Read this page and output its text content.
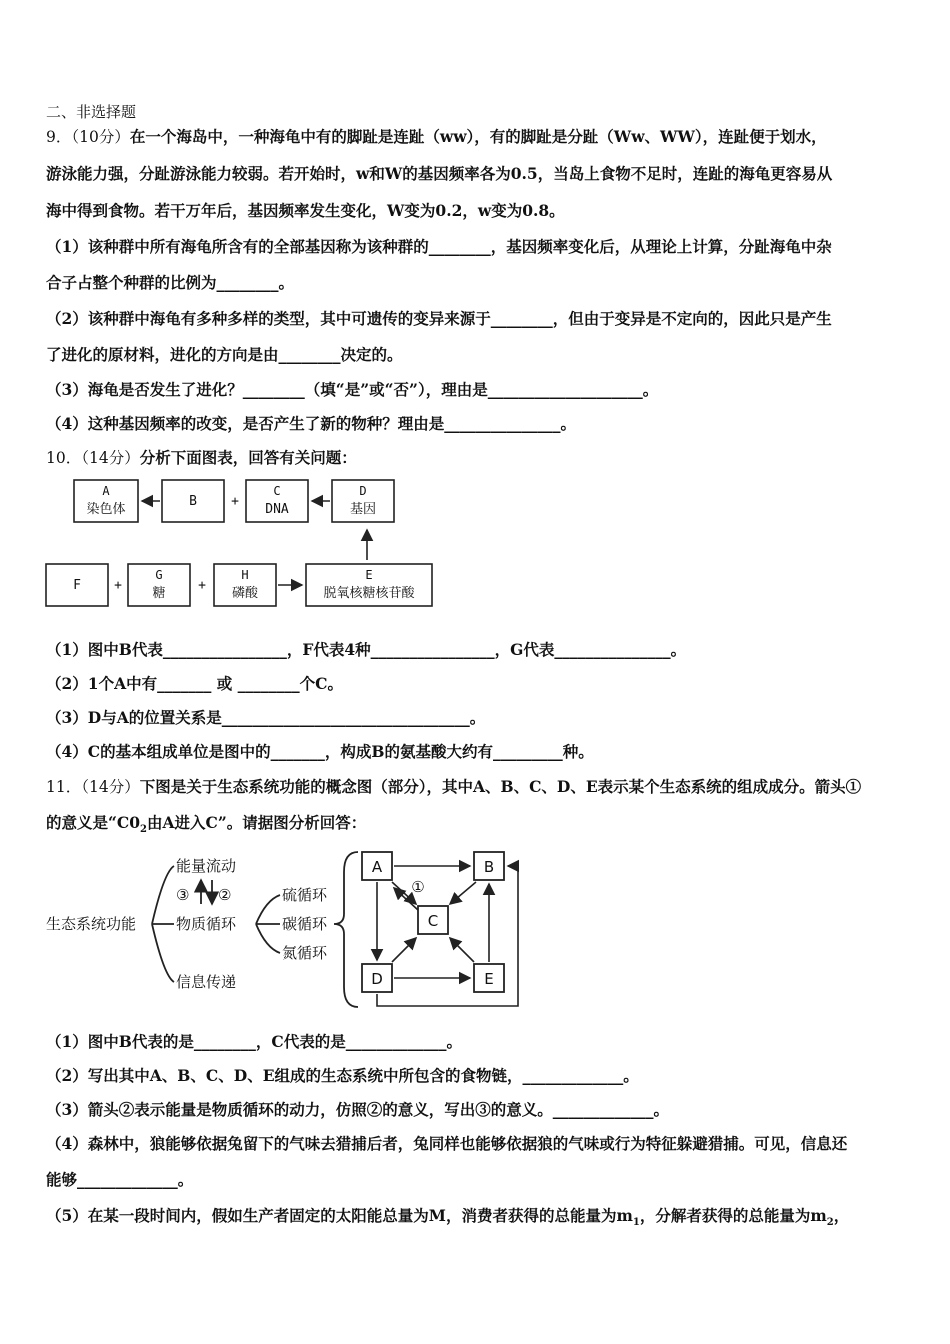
二、非选择题
9．（10分）在一个海岛中，一种海龟中有的脚趾是连趾（ww），有的脚趾是分趾（Ww、WW），连趾便于划水，
游泳能力强，分趾游泳能力较弱。若开始时，w和W的基因频率各为0.5，当岛上食物不足时，连趾的海龟更容易从
海中得到食物。若干万年后，基因频率发生变化，W变为0.2，w变为0.8。
（1）该种群中所有海龟所含有的全部基因称为该种群的________，基因频率变化后，从理论上计算，分趾海龟中杂
合子占整个种群的比例为________。
（2）该种群中海龟有多种多样的类型，其中可遗传的变异来源于________，但由于变异是不定向的，因此只是产生
了进化的原材料，进化的方向是由________决定的。
（3）海龟是否发生了进化？________（填“是”或“否”），理由是____________________。
（4）这种基因频率的改变，是否产生了新的物种？理由是_______________。
10．（14分）分析下面图表，回答有关问题：
A
染色体
B	+
C
DNA
D
基因
F	+
G
糖
+
H
磷酸
E
脱氧核糖核苷酸
（1）图中B代表________________，F代表4种________________，G代表_______________。
（2）1个A中有_______ 或 ________个C。
（3）D与A的位置关系是________________________________。
（4）C的基本组成单位是图中的_______，构成B的氨基酸大约有_________种。
11．（14分）下图是关于生态系统功能的概念图（部分），其中A、B、C、D、E表示某个生态系统的组成成分。箭头①
的意义是“$C0_2$由A进入C”。请据图分析回答：
生态系统功能
能量流动
物质循环
信息传递
③ ②	硫循环
碳循环
氮循环
A	B
C
D	E
①
（1）图中B代表的是________，C代表的是_____________。
（2）写出其中A、B、C、D、E组成的生态系统中所包含的食物链，_____________。
（3）箭头②表示能量是物质循环的动力，仿照②的意义，写出③的意义。_____________。
（4）森林中，狼能够依据兔留下的气味去猎捕后者，兔同样也能够依据狼的气味或行为特征躲避猎捕。可见，信息还
能够_____________。
（5）在某一段时间内，假如生产者固定的太阳能总量为M，消费者获得的总能量为$m_1$，分解者获得的总能量为$m_2$，
